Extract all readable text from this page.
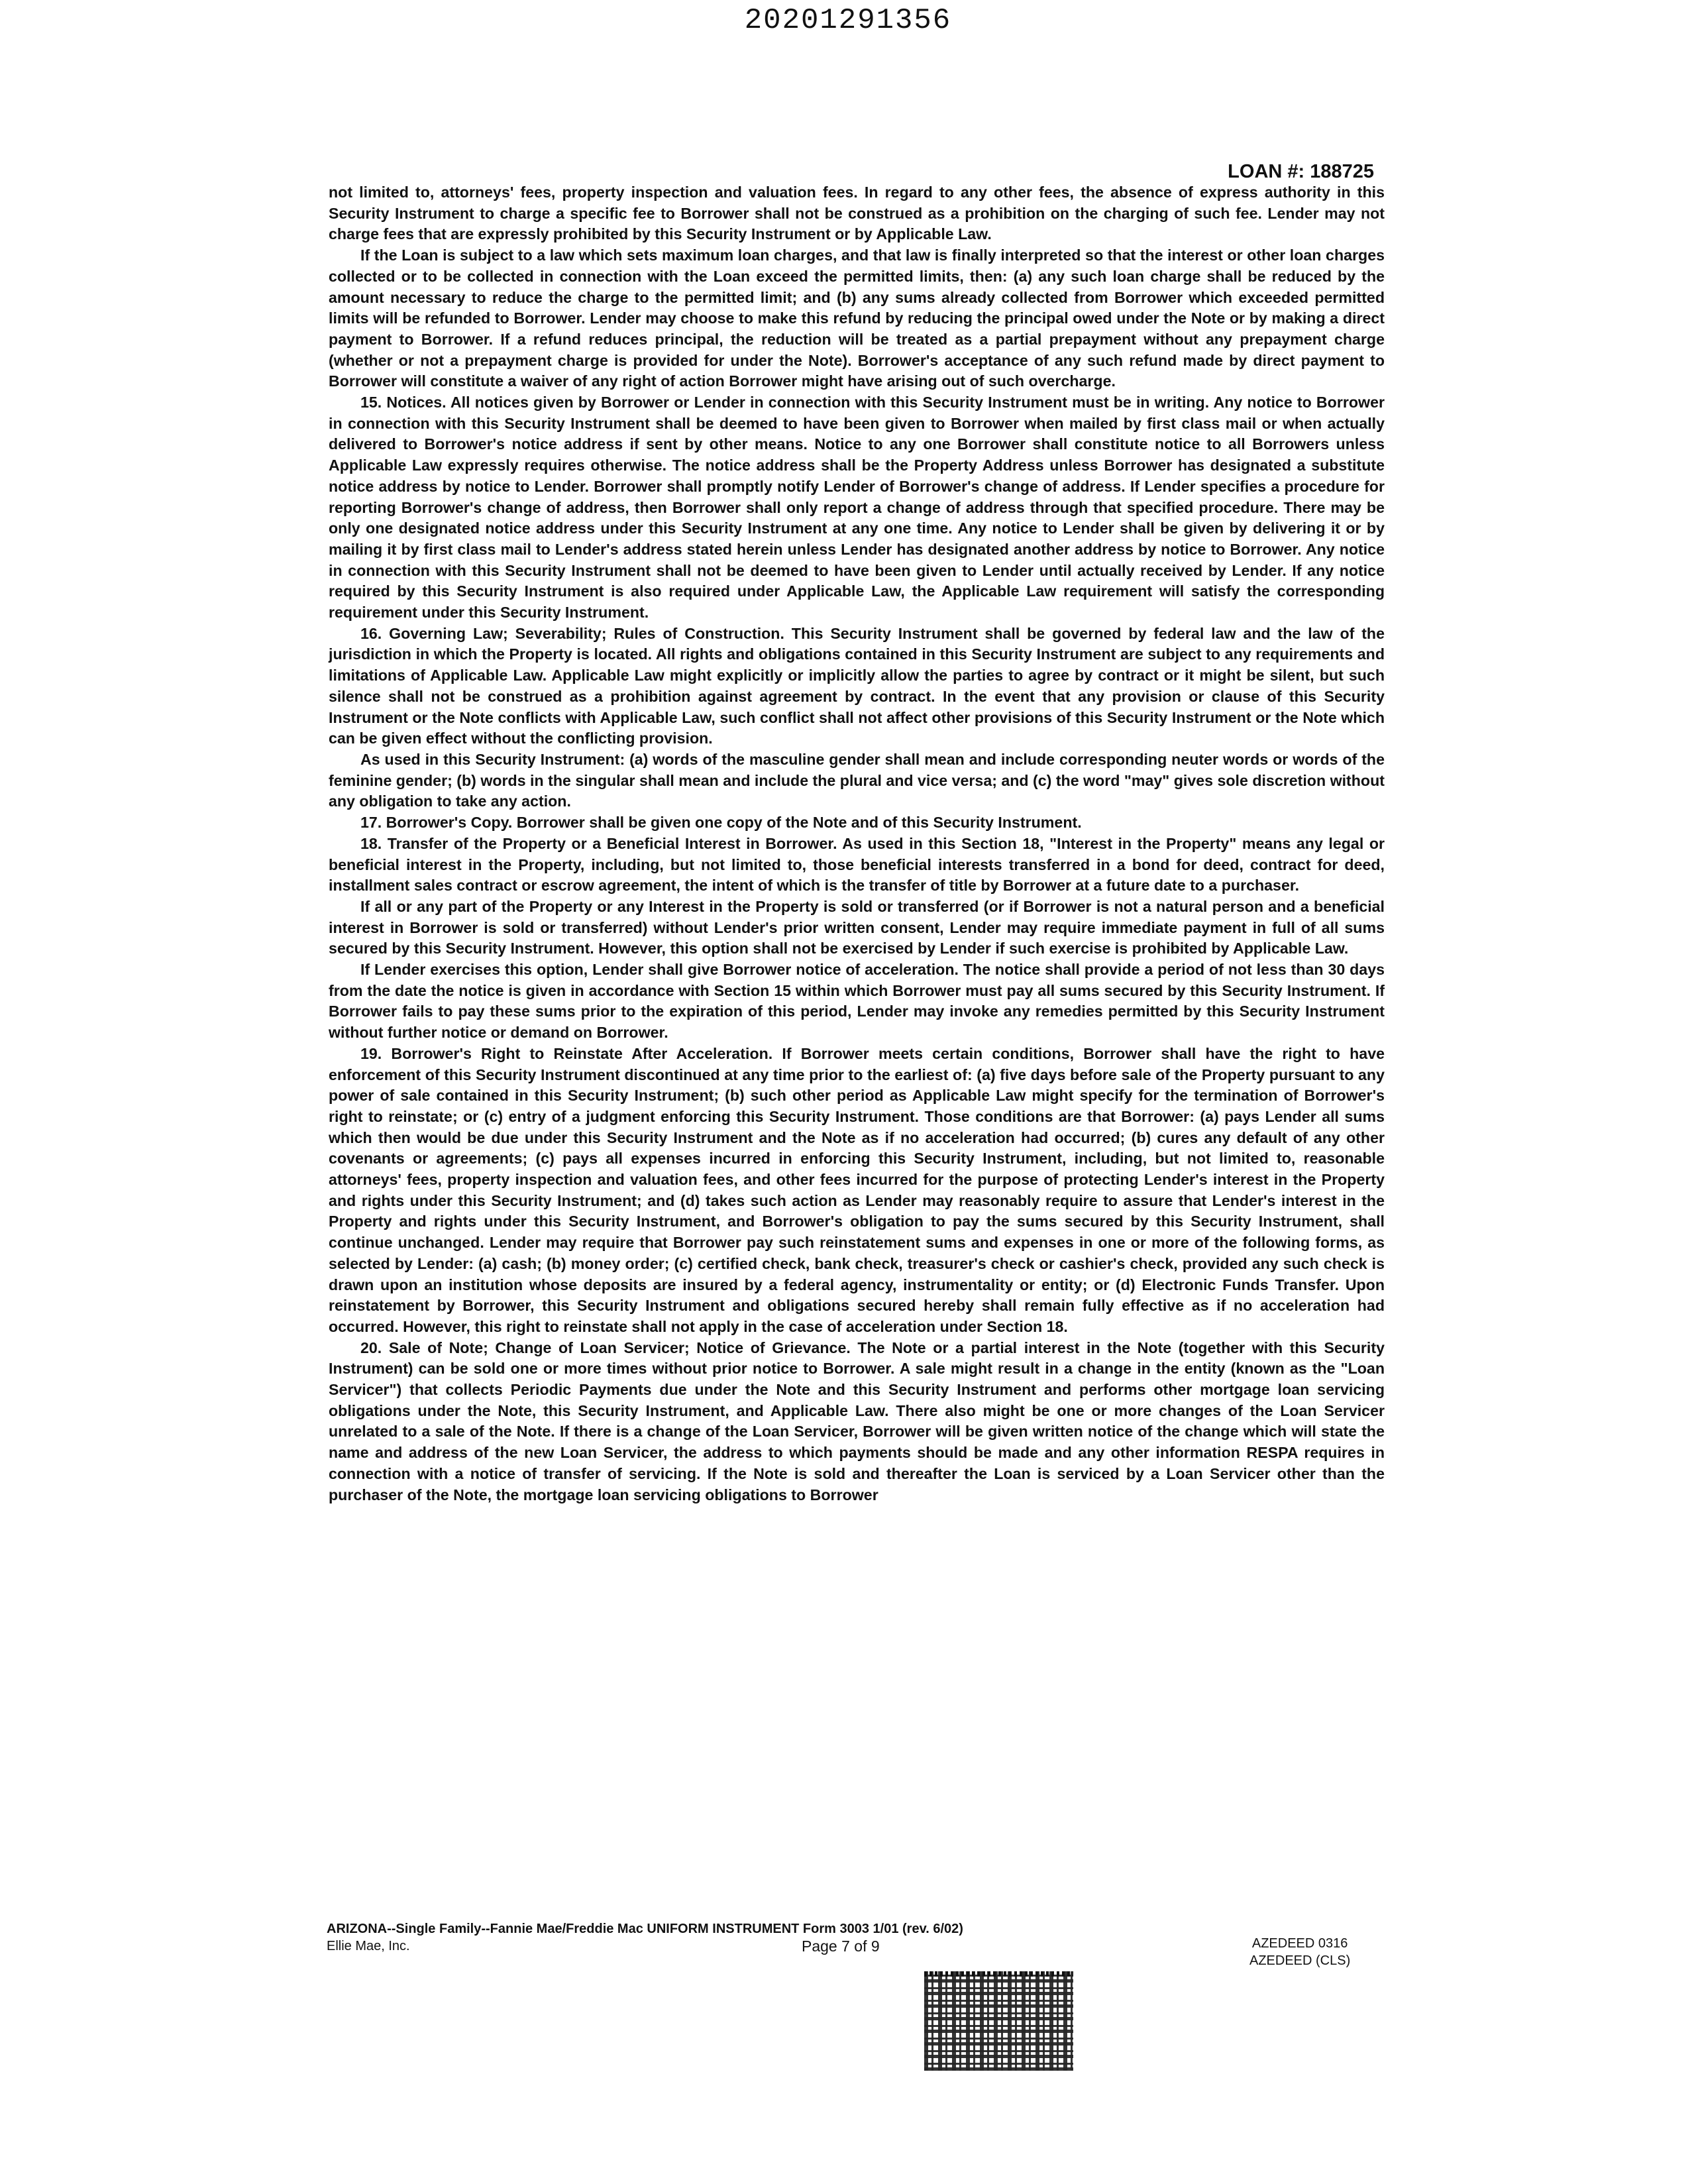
20201291356
LOAN #: 188725

not limited to, attorneys' fees, property inspection and valuation fees. In regard to any other fees, the absence of express authority in this Security Instrument to charge a specific fee to Borrower shall not be construed as a prohibition on the charging of such fee. Lender may not charge fees that are expressly prohibited by this Security Instrument or by Applicable Law.

If the Loan is subject to a law which sets maximum loan charges, and that law is finally interpreted so that the interest or other loan charges collected or to be collected in connection with the Loan exceed the permitted limits, then: (a) any such loan charge shall be reduced by the amount necessary to reduce the charge to the permitted limit; and (b) any sums already collected from Borrower which exceeded permitted limits will be refunded to Borrower. Lender may choose to make this refund by reducing the principal owed under the Note or by making a direct payment to Borrower. If a refund reduces principal, the reduction will be treated as a partial prepayment without any prepayment charge (whether or not a prepayment charge is provided for under the Note). Borrower's acceptance of any such refund made by direct payment to Borrower will constitute a waiver of any right of action Borrower might have arising out of such overcharge.

15. Notices. All notices given by Borrower or Lender in connection with this Security Instrument must be in writing. Any notice to Borrower in connection with this Security Instrument shall be deemed to have been given to Borrower when mailed by first class mail or when actually delivered to Borrower's notice address if sent by other means. Notice to any one Borrower shall constitute notice to all Borrowers unless Applicable Law expressly requires otherwise. The notice address shall be the Property Address unless Borrower has designated a substitute notice address by notice to Lender. Borrower shall promptly notify Lender of Borrower's change of address. If Lender specifies a procedure for reporting Borrower's change of address, then Borrower shall only report a change of address through that specified procedure. There may be only one designated notice address under this Security Instrument at any one time. Any notice to Lender shall be given by delivering it or by mailing it by first class mail to Lender's address stated herein unless Lender has designated another address by notice to Borrower. Any notice in connection with this Security Instrument shall not be deemed to have been given to Lender until actually received by Lender. If any notice required by this Security Instrument is also required under Applicable Law, the Applicable Law requirement will satisfy the corresponding requirement under this Security Instrument.

16. Governing Law; Severability; Rules of Construction. This Security Instrument shall be governed by federal law and the law of the jurisdiction in which the Property is located. All rights and obligations contained in this Security Instrument are subject to any requirements and limitations of Applicable Law. Applicable Law might explicitly or implicitly allow the parties to agree by contract or it might be silent, but such silence shall not be construed as a prohibition against agreement by contract. In the event that any provision or clause of this Security Instrument or the Note conflicts with Applicable Law, such conflict shall not affect other provisions of this Security Instrument or the Note which can be given effect without the conflicting provision.

As used in this Security Instrument: (a) words of the masculine gender shall mean and include corresponding neuter words or words of the feminine gender; (b) words in the singular shall mean and include the plural and vice versa; and (c) the word "may" gives sole discretion without any obligation to take any action.

17. Borrower's Copy. Borrower shall be given one copy of the Note and of this Security Instrument.

18. Transfer of the Property or a Beneficial Interest in Borrower. As used in this Section 18, "Interest in the Property" means any legal or beneficial interest in the Property, including, but not limited to, those beneficial interests transferred in a bond for deed, contract for deed, installment sales contract or escrow agreement, the intent of which is the transfer of title by Borrower at a future date to a purchaser.

If all or any part of the Property or any Interest in the Property is sold or transferred (or if Borrower is not a natural person and a beneficial interest in Borrower is sold or transferred) without Lender's prior written consent, Lender may require immediate payment in full of all sums secured by this Security Instrument. However, this option shall not be exercised by Lender if such exercise is prohibited by Applicable Law.

If Lender exercises this option, Lender shall give Borrower notice of acceleration. The notice shall provide a period of not less than 30 days from the date the notice is given in accordance with Section 15 within which Borrower must pay all sums secured by this Security Instrument. If Borrower fails to pay these sums prior to the expiration of this period, Lender may invoke any remedies permitted by this Security Instrument without further notice or demand on Borrower.

19. Borrower's Right to Reinstate After Acceleration. If Borrower meets certain conditions, Borrower shall have the right to have enforcement of this Security Instrument discontinued at any time prior to the earliest of: (a) five days before sale of the Property pursuant to any power of sale contained in this Security Instrument; (b) such other period as Applicable Law might specify for the termination of Borrower's right to reinstate; or (c) entry of a judgment enforcing this Security Instrument. Those conditions are that Borrower: (a) pays Lender all sums which then would be due under this Security Instrument and the Note as if no acceleration had occurred; (b) cures any default of any other covenants or agreements; (c) pays all expenses incurred in enforcing this Security Instrument, including, but not limited to, reasonable attorneys' fees, property inspection and valuation fees, and other fees incurred for the purpose of protecting Lender's interest in the Property and rights under this Security Instrument; and (d) takes such action as Lender may reasonably require to assure that Lender's interest in the Property and rights under this Security Instrument, and Borrower's obligation to pay the sums secured by this Security Instrument, shall continue unchanged. Lender may require that Borrower pay such reinstatement sums and expenses in one or more of the following forms, as selected by Lender: (a) cash; (b) money order; (c) certified check, bank check, treasurer's check or cashier's check, provided any such check is drawn upon an institution whose deposits are insured by a federal agency, instrumentality or entity; or (d) Electronic Funds Transfer. Upon reinstatement by Borrower, this Security Instrument and obligations secured hereby shall remain fully effective as if no acceleration had occurred. However, this right to reinstate shall not apply in the case of acceleration under Section 18.

20. Sale of Note; Change of Loan Servicer; Notice of Grievance. The Note or a partial interest in the Note (together with this Security Instrument) can be sold one or more times without prior notice to Borrower. A sale might result in a change in the entity (known as the "Loan Servicer") that collects Periodic Payments due under the Note and this Security Instrument and performs other mortgage loan servicing obligations under the Note, this Security Instrument, and Applicable Law. There also might be one or more changes of the Loan Servicer unrelated to a sale of the Note. If there is a change of the Loan Servicer, Borrower will be given written notice of the change which will state the name and address of the new Loan Servicer, the address to which payments should be made and any other information RESPA requires in connection with a notice of transfer of servicing. If the Note is sold and thereafter the Loan is serviced by a Loan Servicer other than the purchaser of the Note, the mortgage loan servicing obligations to Borrower

ARIZONA--Single Family--Fannie Mae/Freddie Mac UNIFORM INSTRUMENT Form 3003 1/01 (rev. 6/02)
Ellie Mae, Inc.	Page 7 of 9	AZEDEED 0316
AZEDEED (CLS)
